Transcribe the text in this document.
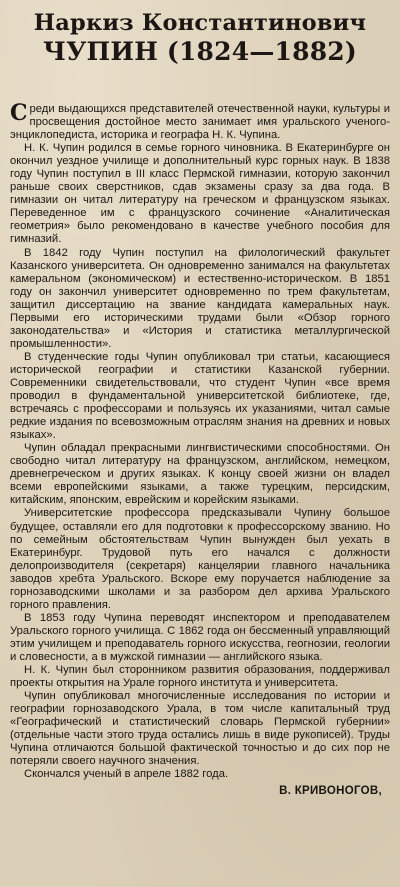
Наркиз Константинович
ЧУПИН (1824—1882)

Среди выдающихся представителей отечественной науки, культуры и просвещения достойное место занимает имя уральского ученого-энциклопедиста, историка и географа Н. К. Чупина.

Н. К. Чупин родился в семье горного чиновника. В Екатеринбурге он окончил уездное училище и дополнительный курс горных наук. В 1838 году Чупин поступил в III класс Пермской гимназии, которую закончил раньше своих сверстников, сдав экзамены сразу за два года. В гимназии он читал литературу на греческом и французском языках. Переведенное им с французского сочинение «Аналитическая геометрия» было рекомендовано в качестве учебного пособия для гимназий.

В 1842 году Чупин поступил на филологический факультет Казанского университета. Он одновременно занимался на факультетах камеральном (экономическом) и естественно-историческом. В 1851 году он закончил университет одновременно по трем факультетам, защитил диссертацию на звание кандидата камеральных наук. Первыми его историческими трудами были «Обзор горного законодательства» и «История и статистика металлургической промышленности».

В студенческие годы Чупин опубликовал три статьи, касающиеся исторической географии и статистики Казанской губернии. Современники свидетельствовали, что студент Чупин «все время проводил в фундаментальной университетской библиотеке, где, встречаясь с профессорами и пользуясь их указаниями, читал самые редкие издания по всевозможным отраслям знания на древних и новых языках».

Чупин обладал прекрасными лингвистическими способностями. Он свободно читал литературу на французском, английском, немецком, древнегреческом и других языках. К концу своей жизни он владел всеми европейскими языками, а также турецким, персидским, китайским, японским, еврейским и корейским языками.

Университетские профессора предсказывали Чупину большое будущее, оставляли его для подготовки к профессорскому званию. Но по семейным обстоятельствам Чупин вынужден был уехать в Екатеринбург. Трудовой путь его начался с должности делопроизводителя (секретаря) канцелярии главного начальника заводов хребта Уральского. Вскоре ему поручается наблюдение за горнозаводскими школами и за разбором дел архива Уральского горного правления.

В 1853 году Чупина переводят инспектором и преподавателем Уральского горного училища. С 1862 года он бессменный управляющий этим училищем и преподаватель горного искусства, геогнозии, геологии и словесности, а в мужской гимназии — английского языка.

Н. К. Чупин был сторонником развития образования, поддерживал проекты открытия на Урале горного института и университета.

Чупин опубликовал многочисленные исследования по истории и географии горнозаводского Урала, в том числе капитальный труд «Географический и статистический словарь Пермской губернии» (отдельные части этого труда остались лишь в виде рукописей). Труды Чупина отличаются большой фактической точностью и до сих пор не потеряли своего научного значения.

Скончался ученый в апреле 1882 года.

В. КРИВОНОГОВ,
